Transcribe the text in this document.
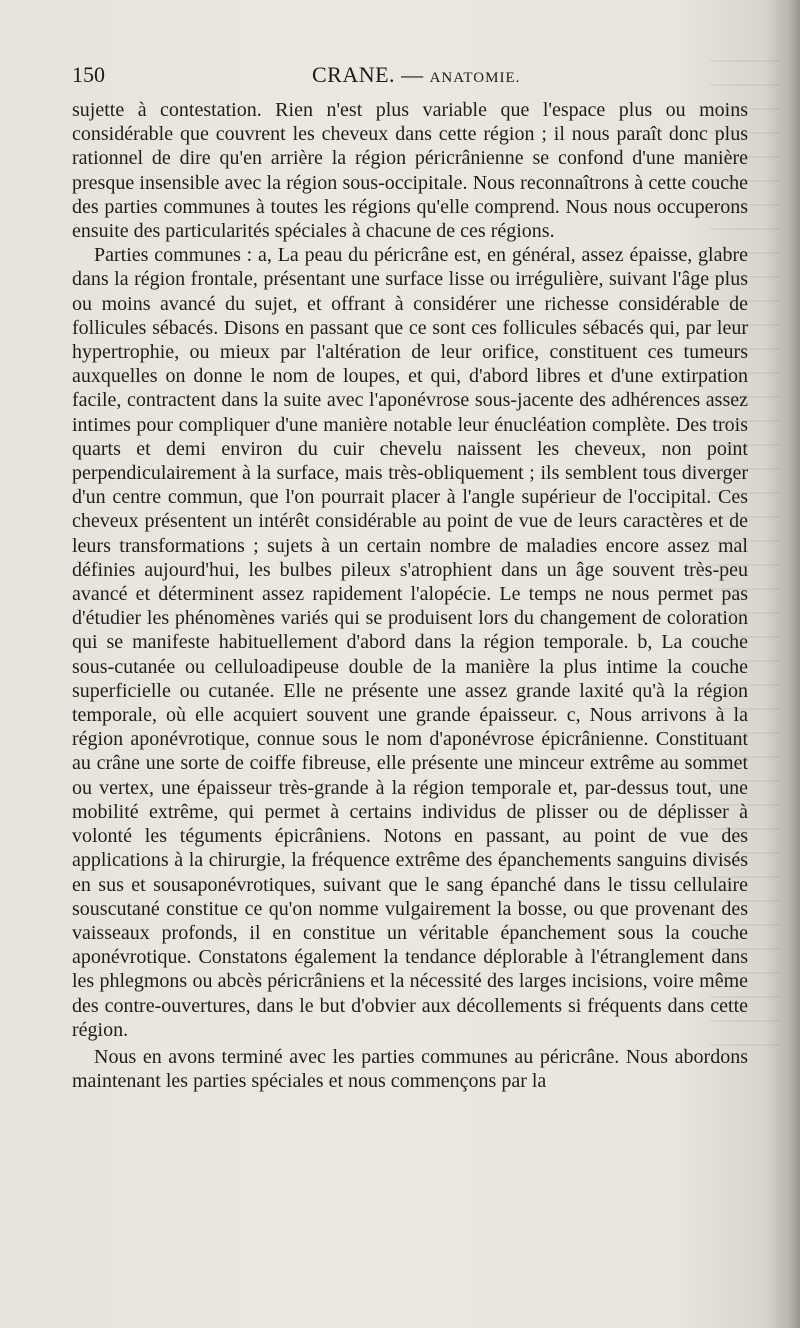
150	CRANE. — ANATOMIE.

sujette à contestation. Rien n'est plus variable que l'espace plus ou moins considérable que couvrent les cheveux dans cette région ; il nous paraît donc plus rationnel de dire qu'en arrière la région péricrânienne se confond d'une manière presque insensible avec la région sous-occipitale. Nous reconnaîtrons à cette couche des parties communes à toutes les régions qu'elle comprend. Nous nous occuperons ensuite des particularités spéciales à chacune de ces régions.

Parties communes : a, La peau du péricrâne est, en général, assez épaisse, glabre dans la région frontale, présentant une surface lisse ou irrégulière, suivant l'âge plus ou moins avancé du sujet, et offrant à considérer une richesse considérable de follicules sébacés. Disons en passant que ce sont ces follicules sébacés qui, par leur hypertrophie, ou mieux par l'altération de leur orifice, constituent ces tumeurs auxquelles on donne le nom de loupes, et qui, d'abord libres et d'une extirpation facile, contractent dans la suite avec l'aponévrose sous-jacente des adhérences assez intimes pour compliquer d'une manière notable leur énucléation complète. Des trois quarts et demi environ du cuir chevelu naissent les cheveux, non point perpendiculairement à la surface, mais très-obliquement ; ils semblent tous diverger d'un centre commun, que l'on pourrait placer à l'angle supérieur de l'occipital. Ces cheveux présentent un intérêt considérable au point de vue de leurs caractères et de leurs transformations ; sujets à un certain nombre de maladies encore assez mal définies aujourd'hui, les bulbes pileux s'atrophient dans un âge souvent très-peu avancé et déterminent assez rapidement l'alopécie. Le temps ne nous permet pas d'étudier les phénomènes variés qui se produisent lors du changement de coloration qui se manifeste habituellement d'abord dans la région temporale. b, La couche sous-cutanée ou celluloadipeuse double de la manière la plus intime la couche superficielle ou cutanée. Elle ne présente une assez grande laxité qu'à la région temporale, où elle acquiert souvent une grande épaisseur. c, Nous arrivons à la région aponévrotique, connue sous le nom d'aponévrose épicrânienne. Constituant au crâne une sorte de coiffe fibreuse, elle présente une minceur extrême au sommet ou vertex, une épaisseur très-grande à la région temporale et, par-dessus tout, une mobilité extrême, qui permet à certains individus de plisser ou de déplisser à volonté les téguments épicrâniens. Notons en passant, au point de vue des applications à la chirurgie, la fréquence extrême des épanchements sanguins divisés en sus et sousaponévrotiques, suivant que le sang épanché dans le tissu cellulaire souscutané constitue ce qu'on nomme vulgairement la bosse, ou que provenant des vaisseaux profonds, il en constitue un véritable épanchement sous la couche aponévrotique. Constatons également la tendance déplorable à l'étranglement dans les phlegmons ou abcès péricrâniens et la nécessité des larges incisions, voire même des contre-ouvertures, dans le but d'obvier aux décollements si fréquents dans cette région.

Nous en avons terminé avec les parties communes au péricrâne. Nous abordons maintenant les parties spéciales et nous commençons par la
